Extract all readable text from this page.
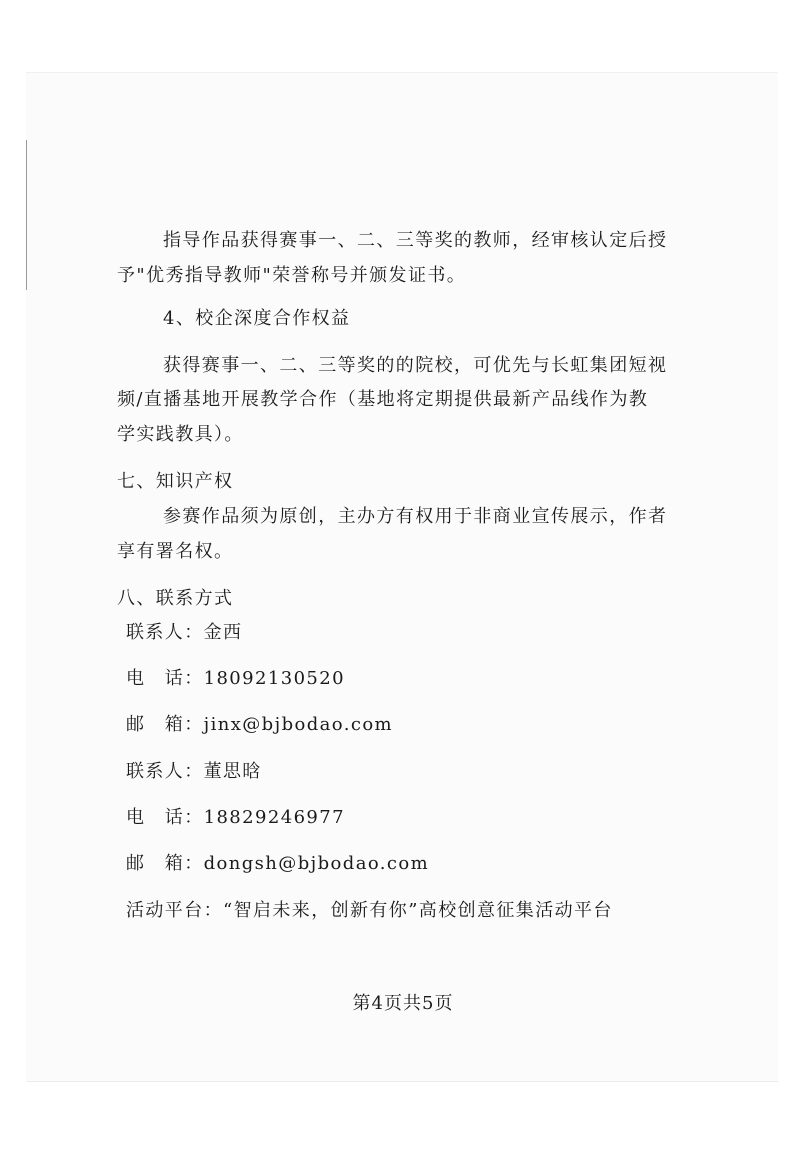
指导作品获得赛事一、二、三等奖的教师，经审核认定后授
予"优秀指导教师"荣誉称号并颁发证书。
4、校企深度合作权益
获得赛事一、二、三等奖的的院校，可优先与长虹集团短视
频/直播基地开展教学合作（基地将定期提供最新产品线作为教
学实践教具）。
七、知识产权
参赛作品须为原创，主办方有权用于非商业宣传展示，作者
享有署名权。
八、联系方式
联系人：金西
电　话：18092130520
邮　箱：jinx@bjbodao.com
联系人：董思晗
电　话：18829246977
邮　箱：dongsh@bjbodao.com
活动平台：“智启未来，创新有你”高校创意征集活动平台
第4页共5页
